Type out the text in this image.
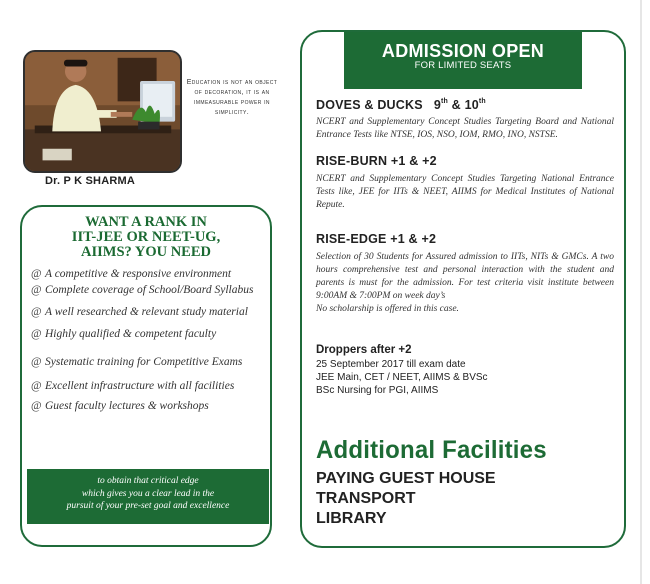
Dr. P K SHARMA
Education is not an object of decoration, it is an immeasurable power in simplicity.
WANT A RANK IN
IIT-JEE OR NEET-UG,
AIIMS? YOU NEED
@ A competitive & responsive environment
@ Complete coverage of School/Board Syllabus
@ A well researched & relevant study material
@ Highly qualified & competent faculty
@ Systematic training for Competitive Exams
@ Excellent infrastructure with all facilities
@ Guest faculty lectures & workshops
to obtain that critical edge
which gives you a clear lead in the
pursuit of your pre-set goal and excellence
ADMISSION OPEN
FOR LIMITED SEATS
DOVES & DUCKS 9th & 10th
NCERT and Supplementary Concept Studies Targeting Board and National Entrance Tests like NTSE, IOS, NSO, IOM, RMO, INO, NSTSE.
RISE-BURN +1 & +2
NCERT and Supplementary Concept Studies Targeting National Entrance Tests like, JEE for IITs & NEET, AIIMS for Medical Institutes of National Repute.
RISE-EDGE +1 & +2
Selection of 30 Students for Assured admission to IITs, NITs & GMCs. A two hours comprehensive test and personal interaction with the student and parents is must for the admission. For test criteria visit institute between 9:00AM & 7:00PM on week day’s
No scholarship is offered in this case.
Droppers after +2
25 September 2017 till exam date
JEE Main, CET / NEET, AIIMS & BVSc
BSc Nursing for PGI, AIIMS
Additional Facilities
PAYING GUEST HOUSE
TRANSPORT
LIBRARY
